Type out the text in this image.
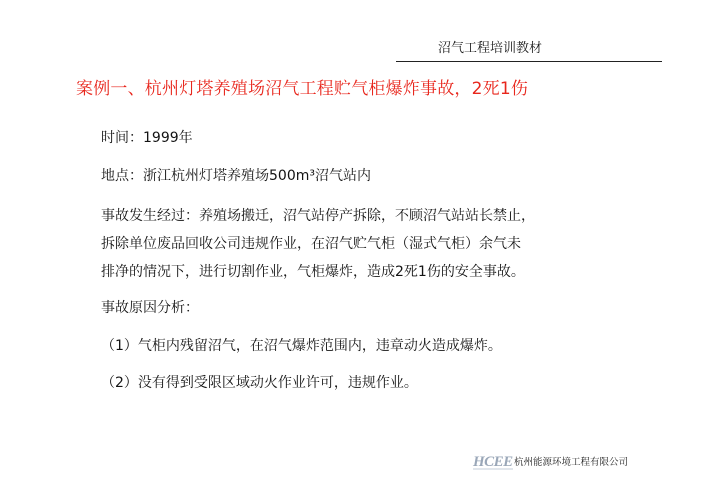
沼气工程培训教材
案例一、杭州灯塔养殖场沼气工程贮气柜爆炸事故，2死1伤
时间：1999年
地点：浙江杭州灯塔养殖场500m³沼气站内
事故发生经过：养殖场搬迁，沼气站停产拆除，不顾沼气站站长禁止，
拆除单位废品回收公司违规作业，在沼气贮气柜（湿式气柜）余气未
排净的情况下，进行切割作业，气柜爆炸，造成2死1伤的安全事故。
事故原因分析：
（1）气柜内残留沼气，在沼气爆炸范围内，违章动火造成爆炸。
（2）没有得到受限区域动火作业许可，违规作业。
HCEE 杭州能源环境工程有限公司
